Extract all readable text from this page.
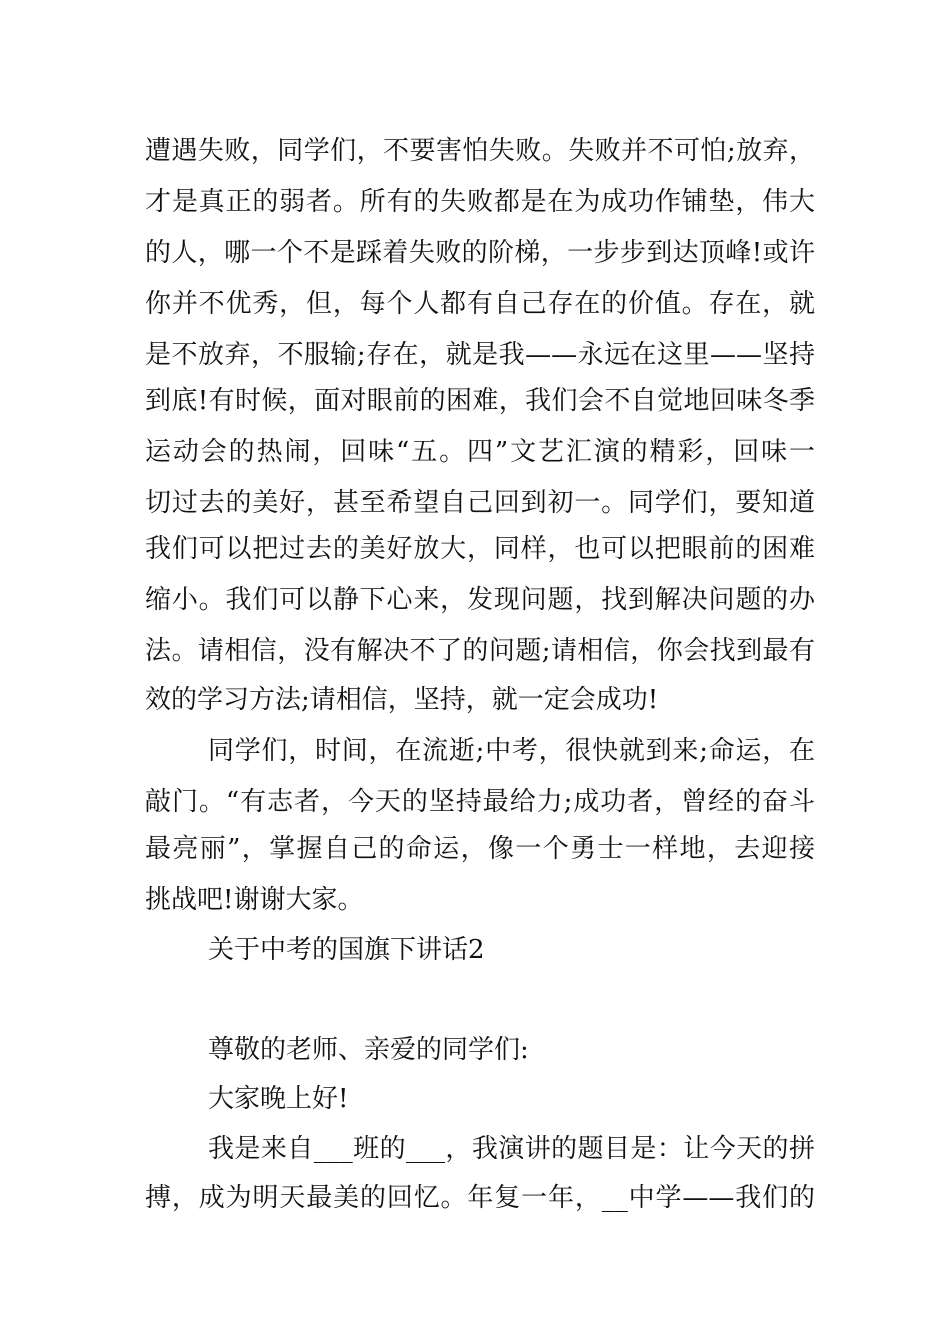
遭遇失败，同学们，不要害怕失败。失败并不可怕;放弃，
才是真正的弱者。所有的失败都是在为成功作铺垫，伟大
的人，哪一个不是踩着失败的阶梯，一步步到达顶峰!或许
你并不优秀，但，每个人都有自己存在的价值。存在，就
是不放弃，不服输;存在，就是我——永远在这里——坚持
到底!有时候，面对眼前的困难，我们会不自觉地回味冬季
运动会的热闹，回味“五。四”文艺汇演的精彩，回味一
切过去的美好，甚至希望自己回到初一。同学们，要知道
我们可以把过去的美好放大，同样，也可以把眼前的困难
缩小。我们可以静下心来，发现问题，找到解决问题的办
法。请相信，没有解决不了的问题;请相信，你会找到最有
效的学习方法;请相信，坚持，就一定会成功!
同学们，时间，在流逝;中考，很快就到来;命运，在
敲门。“有志者，今天的坚持最给力;成功者，曾经的奋斗
最亮丽”，掌握自己的命运，像一个勇士一样地，去迎接
挑战吧!谢谢大家。
关于中考的国旗下讲话2
尊敬的老师、亲爱的同学们:
大家晚上好!
我是来自___班的___，我演讲的题目是：让今天的拼
搏，成为明天最美的回忆。年复一年，__中学——我们的
